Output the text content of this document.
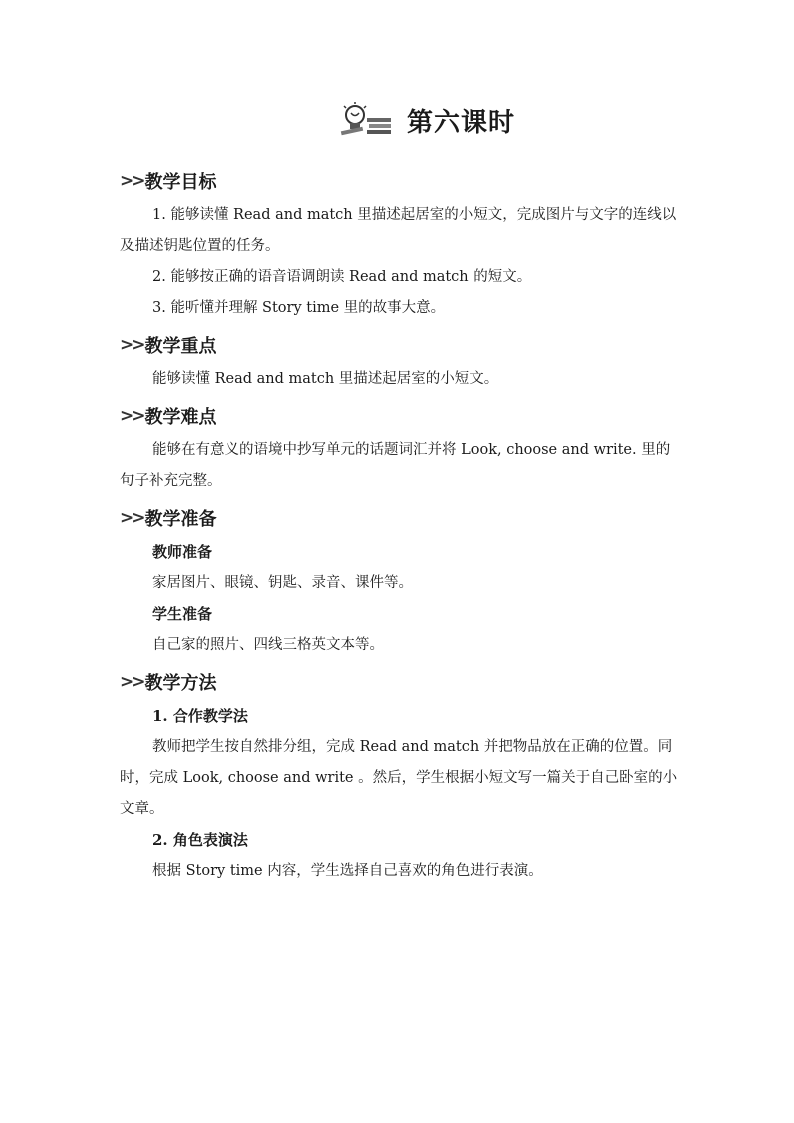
第六课时
>> 教学目标

1. 能够读懂 Read and match 里描述起居室的小短文，完成图片与文字的连线以及描述钥匙位置的任务。

2. 能够按正确的语音语调朗读 Read and match 的短文。

3. 能听懂并理解 Story time 里的故事大意。

>> 教学重点

能够读懂 Read and match 里描述起居室的小短文。

>> 教学难点

能够在有意义的语境中抄写单元的话题词汇并将 Look, choose and write. 里的句子补充完整。

>> 教学准备
教师准备

家居图片、眼镜、钥匙、录音、课件等。

学生准备

自己家的照片、四线三格英文本等。

>> 教学方法
1. 合作教学法

教师把学生按自然排分组，完成 Read and match 并把物品放在正确的位置。同时，完成 Look, choose and write 。然后，学生根据小短文写一篇关于自己卧室的小文章。

2. 角色表演法

根据 Story time 内容，学生选择自己喜欢的角色进行表演。
